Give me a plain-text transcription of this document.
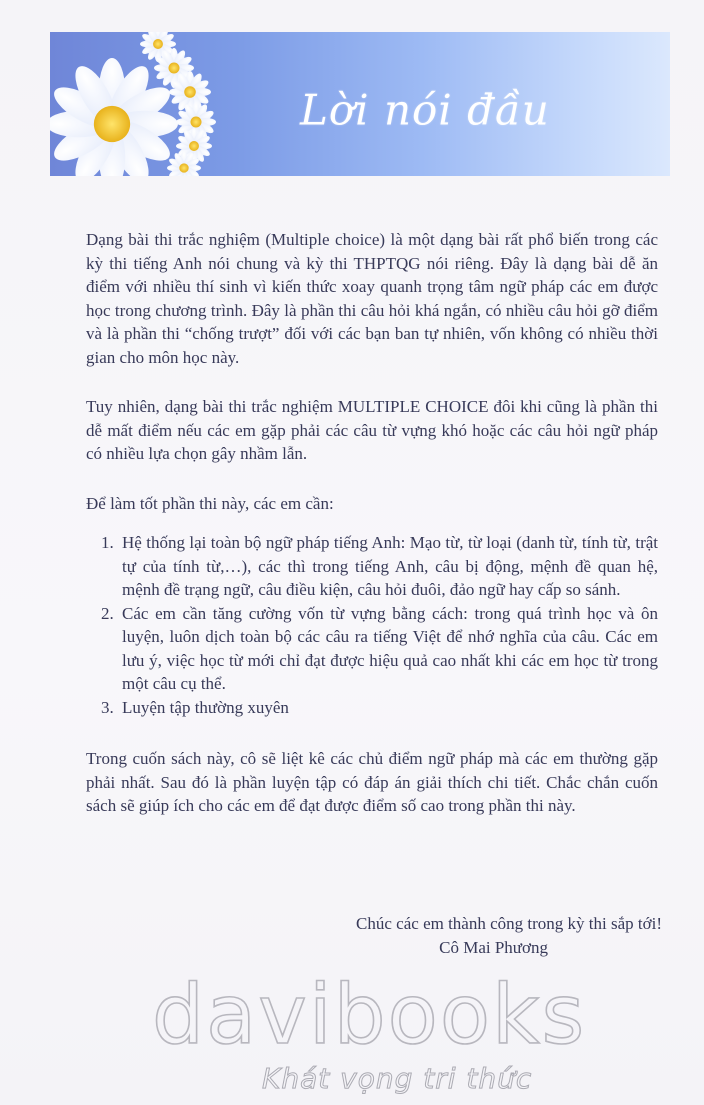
Lời nói đầu

Dạng bài thi trắc nghiệm (Multiple choice) là một dạng bài rất phổ biến trong các kỳ thi tiếng Anh nói chung và kỳ thi THPTQG nói riêng. Đây là dạng bài dễ ăn điểm với nhiều thí sinh vì kiến thức xoay quanh trọng tâm ngữ pháp các em được học trong chương trình. Đây là phần thi câu hỏi khá ngắn, có nhiều câu hỏi gỡ điểm và là phần thi “chống trượt” đối với các bạn ban tự nhiên, vốn không có nhiều thời gian cho môn học này.

Tuy nhiên, dạng bài thi trắc nghiệm MULTIPLE CHOICE đôi khi cũng là phần thi dễ mất điểm nếu các em gặp phải các câu từ vựng khó hoặc các câu hỏi ngữ pháp có nhiều lựa chọn gây nhầm lẫn.

Để làm tốt phần thi này, các em cần:

1. Hệ thống lại toàn bộ ngữ pháp tiếng Anh: Mạo từ, từ loại (danh từ, tính từ, trật tự của tính từ,…), các thì trong tiếng Anh, câu bị động, mệnh đề quan hệ, mệnh đề trạng ngữ, câu điều kiện, câu hỏi đuôi, đảo ngữ hay cấp so sánh.
2. Các em cần tăng cường vốn từ vựng bằng cách: trong quá trình học và ôn luyện, luôn dịch toàn bộ các câu ra tiếng Việt để nhớ nghĩa của câu. Các em lưu ý, việc học từ mới chỉ đạt được hiệu quả cao nhất khi các em học từ trong một câu cụ thể.
3. Luyện tập thường xuyên

Trong cuốn sách này, cô sẽ liệt kê các chủ điểm ngữ pháp mà các em thường gặp phải nhất. Sau đó là phần luyện tập có đáp án giải thích chi tiết. Chắc chắn cuốn sách sẽ giúp ích cho các em để đạt được điểm số cao trong phần thi này.

Chúc các em thành công trong kỳ thi sắp tới!
Cô Mai Phương
davibooks
Khát vọng tri thức
